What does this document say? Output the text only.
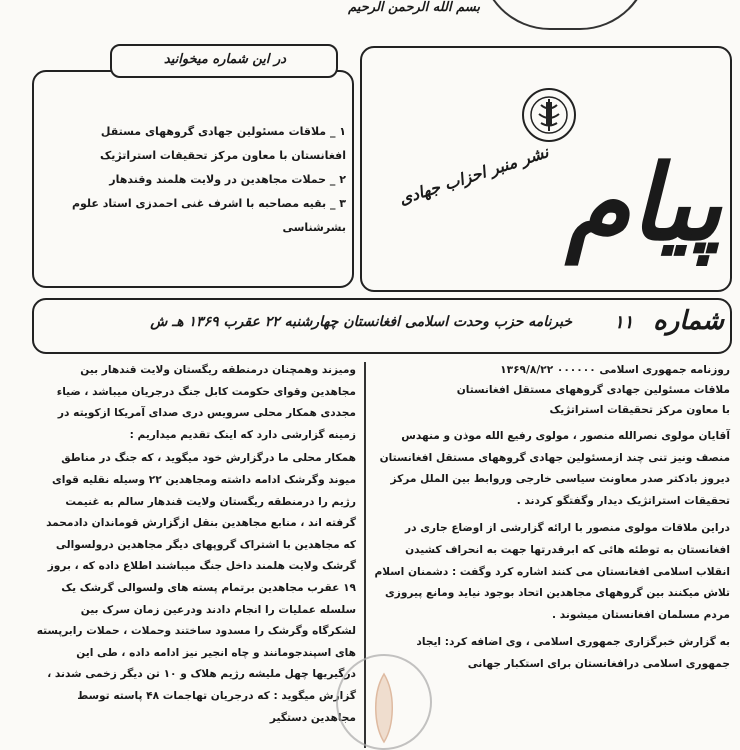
بسم الله الرحمن الرحيم
پیام
نشر منبر احزاب جهادی

۱ _ ملاقات مسئولین جهادی گروههای مستقل افغانستان با معاون مرکز تحقیقات استراتژیک

۲ _ حملات مجاهدین در ولایت هلمند وقندهار

۳ _ بقیه مصاحبه با اشرف غنی احمدزی استاد علوم بشرشناسی

در این شماره میخوانید
خبرنامه حزب وحدت اسلامی افغانستان چهارشنبه ۲۲ عقرب ۱۳۶۹ هـ ش	شماره
۱۱

روزنامه جمهوری اسلامی ۰۰۰۰۰۰ ۱۳۶۹/۸/۲۲

ملاقات مسئولین جهادی گروههای مستقل افغانستان

با معاون مرکز تحقیقات استراتژیک

آقایان مولوی نصرالله منصور ، مولوی رفیع الله موذن و منهدس منصف ونیز تنی چند ازمسئولین جهادی گروههای مستقل افغانستان دیروز بادکتر صدر معاونت سیاسی خارجی وروابط بین الملل مرکز تحقیقات استراتژیک دیدار وگفتگو کردند .

دراین ملاقات مولوی منصور با ارائه گزارشی از اوضاع جاری در افغانستان به توطئه هائی که ابرقدرتها جهت به انحراف کشیدن انقلاب اسلامی افغانستان می کنند اشاره کرد وگفت : دشمنان اسلام تلاش میکنند بین گروههای مجاهدین اتحاد بوجود نیاید ومانع پیروزی مردم مسلمان افغانستان میشوند .

به گزارش خبرگزاری جمهوری اسلامی ، وی اضافه کرد: ایجاد جمهوری اسلامی درافغانستان برای استکبار جهانی

ومیزند وهمچنان درمنطقه ریگستان ولایت قندهار بین مجاهدین وقوای حکومت کابل جنگ درجریان میباشد ، ضیاء مجددی همکار محلی سرویس دری صدای آمریکا ازکویته در زمینه گزارشی دارد که اینک تقدیم میداریم :

همکار محلی ما درگزارش خود میگوید ، که جنگ در مناطق میوند وگرشک ادامه داشته ومجاهدین ۲۲ وسیله نقلیه قوای رژیم را درمنطقه ریگستان ولایت قندهار سالم به غنیمت گرفته اند ، منابع مجاهدین بنقل ازگزارش قوماندان دادمحمد که مجاهدین با اشتراک گروپهای دیگر مجاهدین درولسوالی گرشک ولایت هلمند داخل جنگ میباشند اطلاع داده که ، بروز ۱۹ عقرب مجاهدین برتمام پسته های ولسوالی گرشک یک سلسله عملیات را انجام دادند ودرعین زمان سرک بین لشکرگاه وگرشک را مسدود ساختند وحملات ، حملات رابرپسته های اسپندجومانند و چاه انجیر نیز ادامه داده ، طی این درگیریها چهل ملیشه رژیم هلاک و ۱۰ تن دیگر زخمی شدند ، گزارش میگوید : که درجریان تهاجمات ۴۸ پاسته توسط مجاهدین دستگیر
